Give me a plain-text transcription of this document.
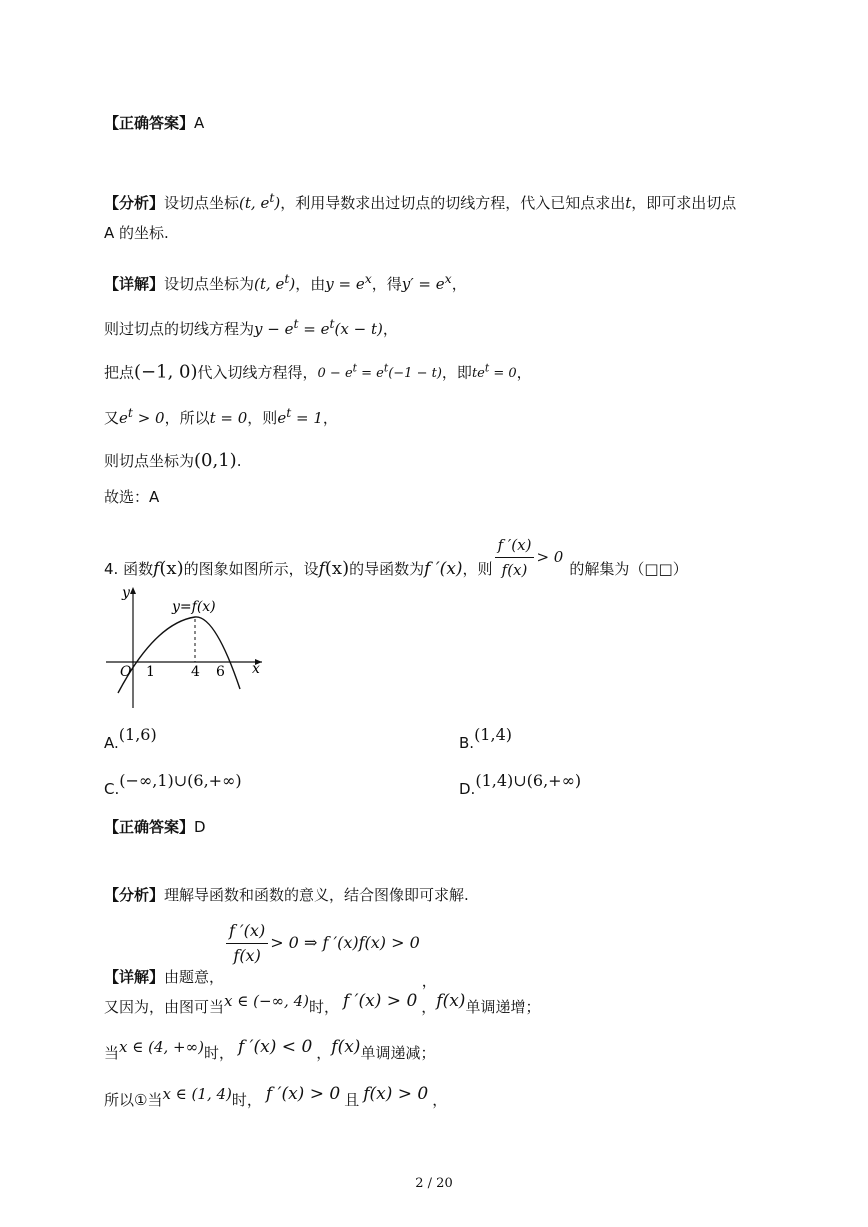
【正确答案】A
【分析】设切点坐标(t, $e^t$)，利用导数求出过切点的切线方程，代入已知点求出t，即可求出切点
A 的坐标.
【详解】设切点坐标为(t, $e^t$)，由$y = e^x$，得$y' = e^x$，
则过切点的切线方程为$y - e^t = e^t(x - t)$，
把点(−1, 0)代入切线方程得，$0 - e^t = e^t(-1 - t)$，即$te^t = 0$，
又$e^t > 0$，所以t = 0，则$e^t = 1$，
则切点坐标为(0,1).
故选：A
4. 函数f(x)的图象如图所示，设f(x)的导函数为f ′(x)，则 $\frac{f '(x)}{f(x)} > 0$的解集为（□□）
y=f(x)
x
y
O 1	4 6
A.(1,6)	B.(1,4)
C.(−∞,1)∪(6,+∞)	D.(1,4)∪(6,+∞)
【正确答案】D
【分析】理解导函数和函数的意义，结合图像即可求解.
【详解】由题意，
$\frac{f '(x)}{f(x)} > 0$ ⇒ f ′(x)f(x) > 0，
又因为，由图可当x ∈ (−∞, 4)时， f ′(x) > 0 ，f(x)单调递增；
当x ∈ (4, +∞)时， f ′(x) < 0 ，f(x)单调递减；
所以①当x ∈ (1, 4)时， f ′(x) > 0 且 f(x) > 0 ，
2 / 20
